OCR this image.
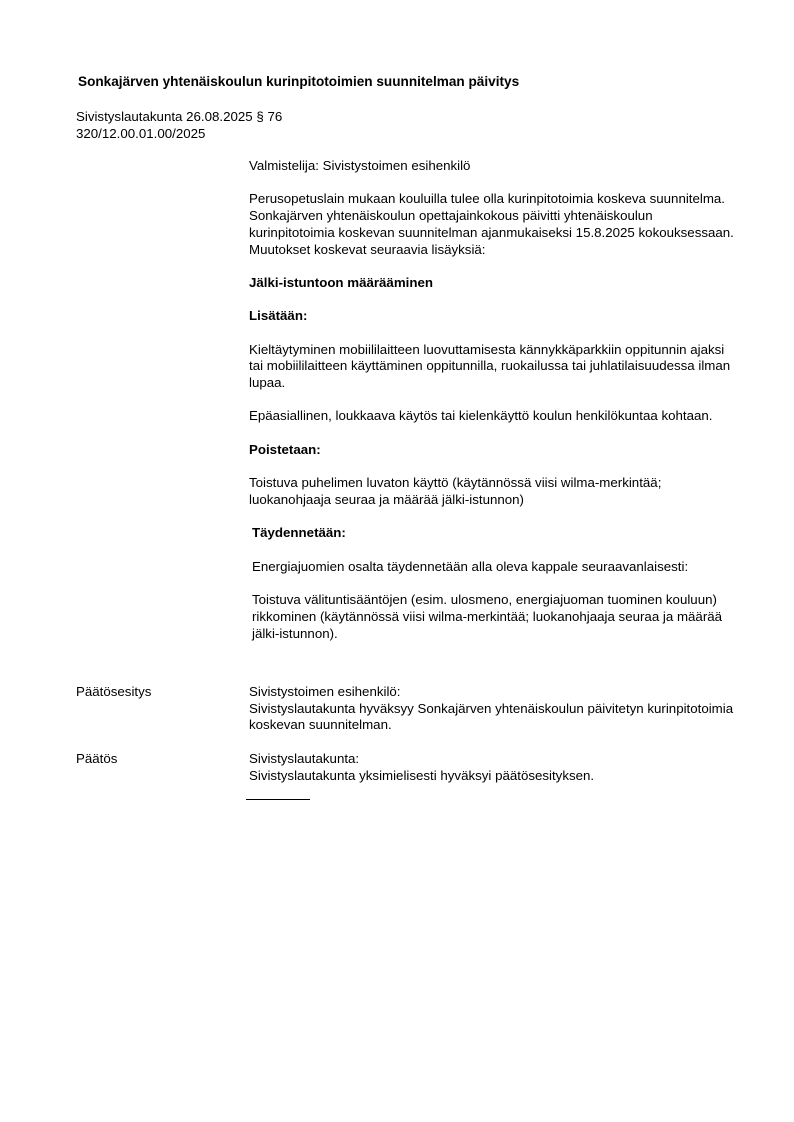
Sonkajärven yhtenäiskoulun kurinpitotoimien suunnitelman päivitys
Sivistyslautakunta 26.08.2025 § 76
320/12.00.01.00/2025
Valmistelija: Sivistystoimen esihenkilö
Perusopetuslain mukaan kouluilla tulee olla kurinpitotoimia koskeva suunnitelma. Sonkajärven yhtenäiskoulun opettajainkokous päivitti yhtenäiskoulun kurinpitotoimia koskevan suunnitelman ajanmukaiseksi 15.8.2025 kokouksessaan. Muutokset koskevat seuraavia lisäyksiä:
Jälki-istuntoon määrääminen
Lisätään:
Kieltäytyminen mobiililaitteen luovuttamisesta kännykkäparkkiin oppitunnin ajaksi tai mobiililaitteen käyttäminen oppitunnilla, ruokailussa tai juhlatilaisuudessa ilman lupaa.
Epäasiallinen, loukkaava käytös tai kielenkäyttö koulun henkilökuntaa kohtaan.
Poistetaan:
Toistuva puhelimen luvaton käyttö (käytännössä viisi wilma-merkintää; luokanohjaaja seuraa ja määrää jälki-istunnon)
Täydennetään:
Energiajuomien osalta täydennetään alla oleva kappale seuraavanlaisesti:
Toistuva välituntisääntöjen (esim. ulosmeno, energiajuoman tuominen kouluun) rikkominen (käytännössä viisi wilma-merkintää; luokanohjaaja seuraa ja määrää jälki-istunnon).
Päätösesitys	Sivistystoimen esihenkilö:
Sivistyslautakunta hyväksyy Sonkajärven yhtenäiskoulun päivitetyn kurinpitotoimia koskevan suunnitelman.
Päätös	Sivistyslautakunta:
Sivistyslautakunta yksimielisesti hyväksyi päätösesityksen.
